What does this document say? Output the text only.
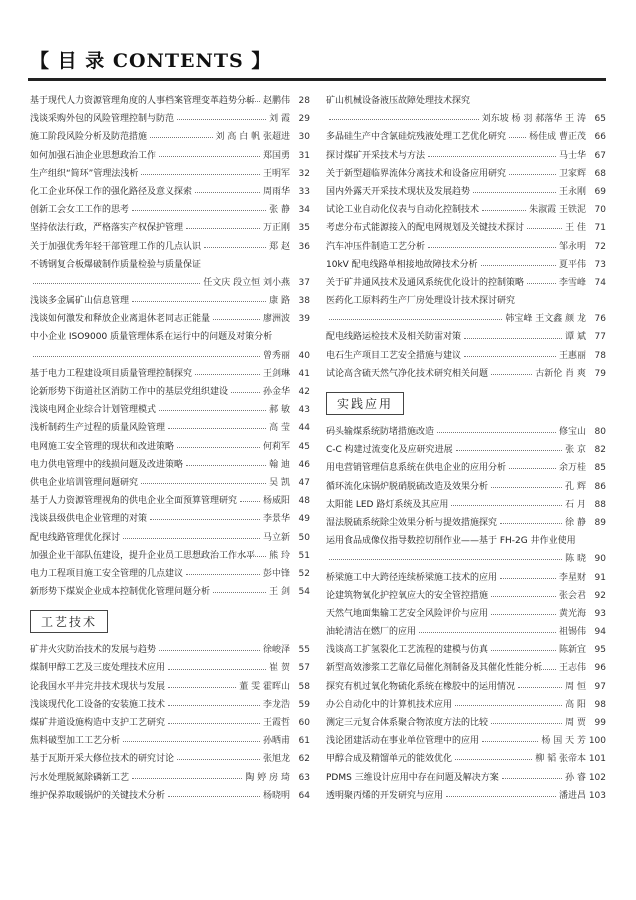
【 目 录 CONTENTS 】
基于现代人力资源管理角度的人事档案管理变革趋势分析 赵鹏伟 28
浅谈采购外包的风险管理控制与防范	刘 霞 29
施工阶段风险分析及防范措施	刘 高 白 帆 张超进 30
如何加强石油企业思想政治工作	郑国勇 31
生产组织“简环”管理法浅析	王明军 32
化工企业环保工作的强化路径及意义探索	周雨华 33
创新工会女工工作的思考	张 静 34
坚持依法行政，严格落实产权保护管理	万正刚 35
关于加强优秀年轻干部管理工作的几点认识	郑 赵 36
不锈钢复合板爆破制作质量检验与质量保证
任文庆 段立恒 刘小燕 37
浅谈多金属矿山信息管理	康 路 38
浅谈如何激发和释放企业离退休老同志正能量	廖洲波 39
中小企业 ISO9000 质量管理体系在运行中的问题及对策分析
曾秀丽 40
基于电力工程建设项目质量管理控制探究	王剑琳 41
论新形势下街道社区消防工作中的基层党组织建设	孙金华 42
浅谈电网企业综合计划管理模式	郝 敏 43
浅析制药生产过程的质量风险管理	高 莹 44
电网施工安全管理的现状和改进策略	何莉军 45
电力供电管理中的线损问题及改进策略	翰 迪 46
供电企业培训管理问题研究	吴 凯 47
基于人力资源管理视角的供电企业全面预算管理研究	杨威阳 48
浅谈县级供电企业管理的对策	李景华 49
配电线路管理优化探讨	马立新 50
加强企业干部队伍建设，提升企业员工思想政治工作水平 熊 玲 51
电力工程项目施工安全管理的几点建议	彭中锋 52
新形势下煤炭企业成本控制优化管理问题分析	王 剑 54
工艺技术
矿井火灾防治技术的发展与趋势	徐峻泽 55
煤制甲醇工艺及三废处理技术应用	崔 贺 57
论我国水平井完井技术现状与发展	董 雯 霍晖山 58
浅谈现代化工设备的安装施工技术	李龙浩 59
煤矿井道设施构造中支护工艺研究	王霞哲 60
焦料破型加工工艺分析	孙晒甫 61
基于瓦斯开采大修位技术的研究讨论	张旭龙 62
污水处理脱氮除磷新工艺	陶 婷 房 琦 63
维护保养取暖锅炉的关键技术分析	杨晓明 64
矿山机械设备液压故障处理技术探究
刘东坡 杨 羽 郝落华 王 涛 65
多晶硅生产中含氯硅烷残液处理工艺优化研究	杨佳成 曹正茂 66
探讨煤矿开采技术与方法	马士华 67
关于新型超临界流体分离技术和设备应用研究	卫家辉 68
国内外露天开采技术现状及发展趋势	王永刚 69
试论工业自动化仪表与自动化控制技术	朱淑霞 王铁泥 70
考虑分布式能源接入的配电网规划及关键技术探讨	王 佳 71
汽车冲压件制造工艺分析	邹永明 72
10kV 配电线路单相接地故障技术分析	夏平伟 73
关于矿井通风技术及通风系统优化设计的控制策略	李雪峰 74
医药化工原料药生产厂房处理设计技术探讨研究
韩宝峰 王文鑫 颜 龙 76
配电线路运检技术及相关防雷对策	谭 斌 77
电石生产项目工艺安全措施与建议	王惠丽 78
试论高含硫天然气净化技术研究相关问题	古新伦 肖 爽 79
实践应用
码头输煤系统防堵措施改造	修宝山 80
C-C 构建过流变化及应研究进展	张 京 82
用电营销管理信息系统在供电企业的应用分析	余万桂 85
循环流化床锅炉脱硝脱硫改造及效果分析	孔 辉 86
太阳能 LED 路灯系统及其应用	石 月 88
湿法脱硫系统除尘效果分析与提效措施探究	徐 静 89
运用食品成像仪指导数控切削作业——基于 FH-2G 井作业使用
陈 晓 90
桥梁施工中大跨径连续桥梁施工技术的应用	李星财 91
论建筑物氧化护控氧应大的安全管控措施	张会君 92
天然气地面集输工艺安全风险评价与应用	黄光海 93
油轮清洁在燃厂的应用	祖锡伟 94
浅谈高工扩氢裂化工艺流程的建模与仿真	陈新宜 95
新型高效渗浆工艺靠亿局催化剂制备及其催化性能分析 王志伟 96
探究有机过氧化物硫化系统在橡胶中的运用情况	周 恒 97
办公自动化中的计算机技术应用	高 阳 98
测定三元复合体系聚合物浓度方法的比较	周 贾 99
浅论团建活动在事业单位管理中的应用	杨 国 天 芳 100
甲醇合成及精馏单元的能效优化	柳 韬 张帝本 101
PDMS 三维设计应用中存在问题及解决方案	孙 睿 102
透明聚丙烯的开发研究与应用	潘进昌 103
